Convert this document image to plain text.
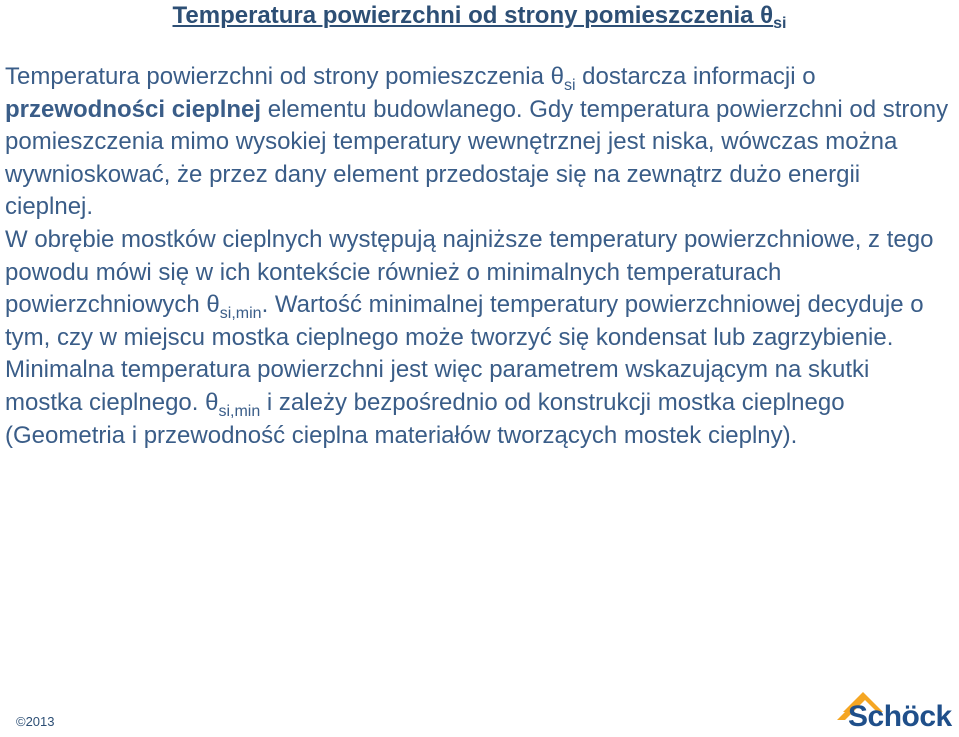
Temperatura powierzchni od strony pomieszczenia $\theta_{si}$

Temperatura powierzchni od strony pomieszczenia $\theta_{si}$ dostarcza informacji o przewodności cieplnej elementu budowlanego. Gdy temperatura powierzchni od strony pomieszczenia mimo wysokiej temperatury wewnętrznej jest niska, wówczas można wywnioskować, że przez dany element przedostaje się na zewnątrz dużo energii cieplnej.

W obrębie mostków cieplnych występują najniższe temperatury powierzchniowe, z tego powodu mówi się w ich kontekście również o minimalnych temperaturach powierzchniowych $\theta_{si,min}$. Wartość minimalnej temperatury powierzchniowej decyduje o tym, czy w miejscu mostka cieplnego może tworzyć się kondensat lub zagrzybienie.

Minimalna temperatura powierzchni jest więc parametrem wskazującym na skutki mostka cieplnego. $\theta_{si,min}$ i zależy bezpośrednio od konstrukcji mostka cieplnego (Geometria i przewodność cieplna materiałów tworzących mostek cieplny).

©2013	Schöck
